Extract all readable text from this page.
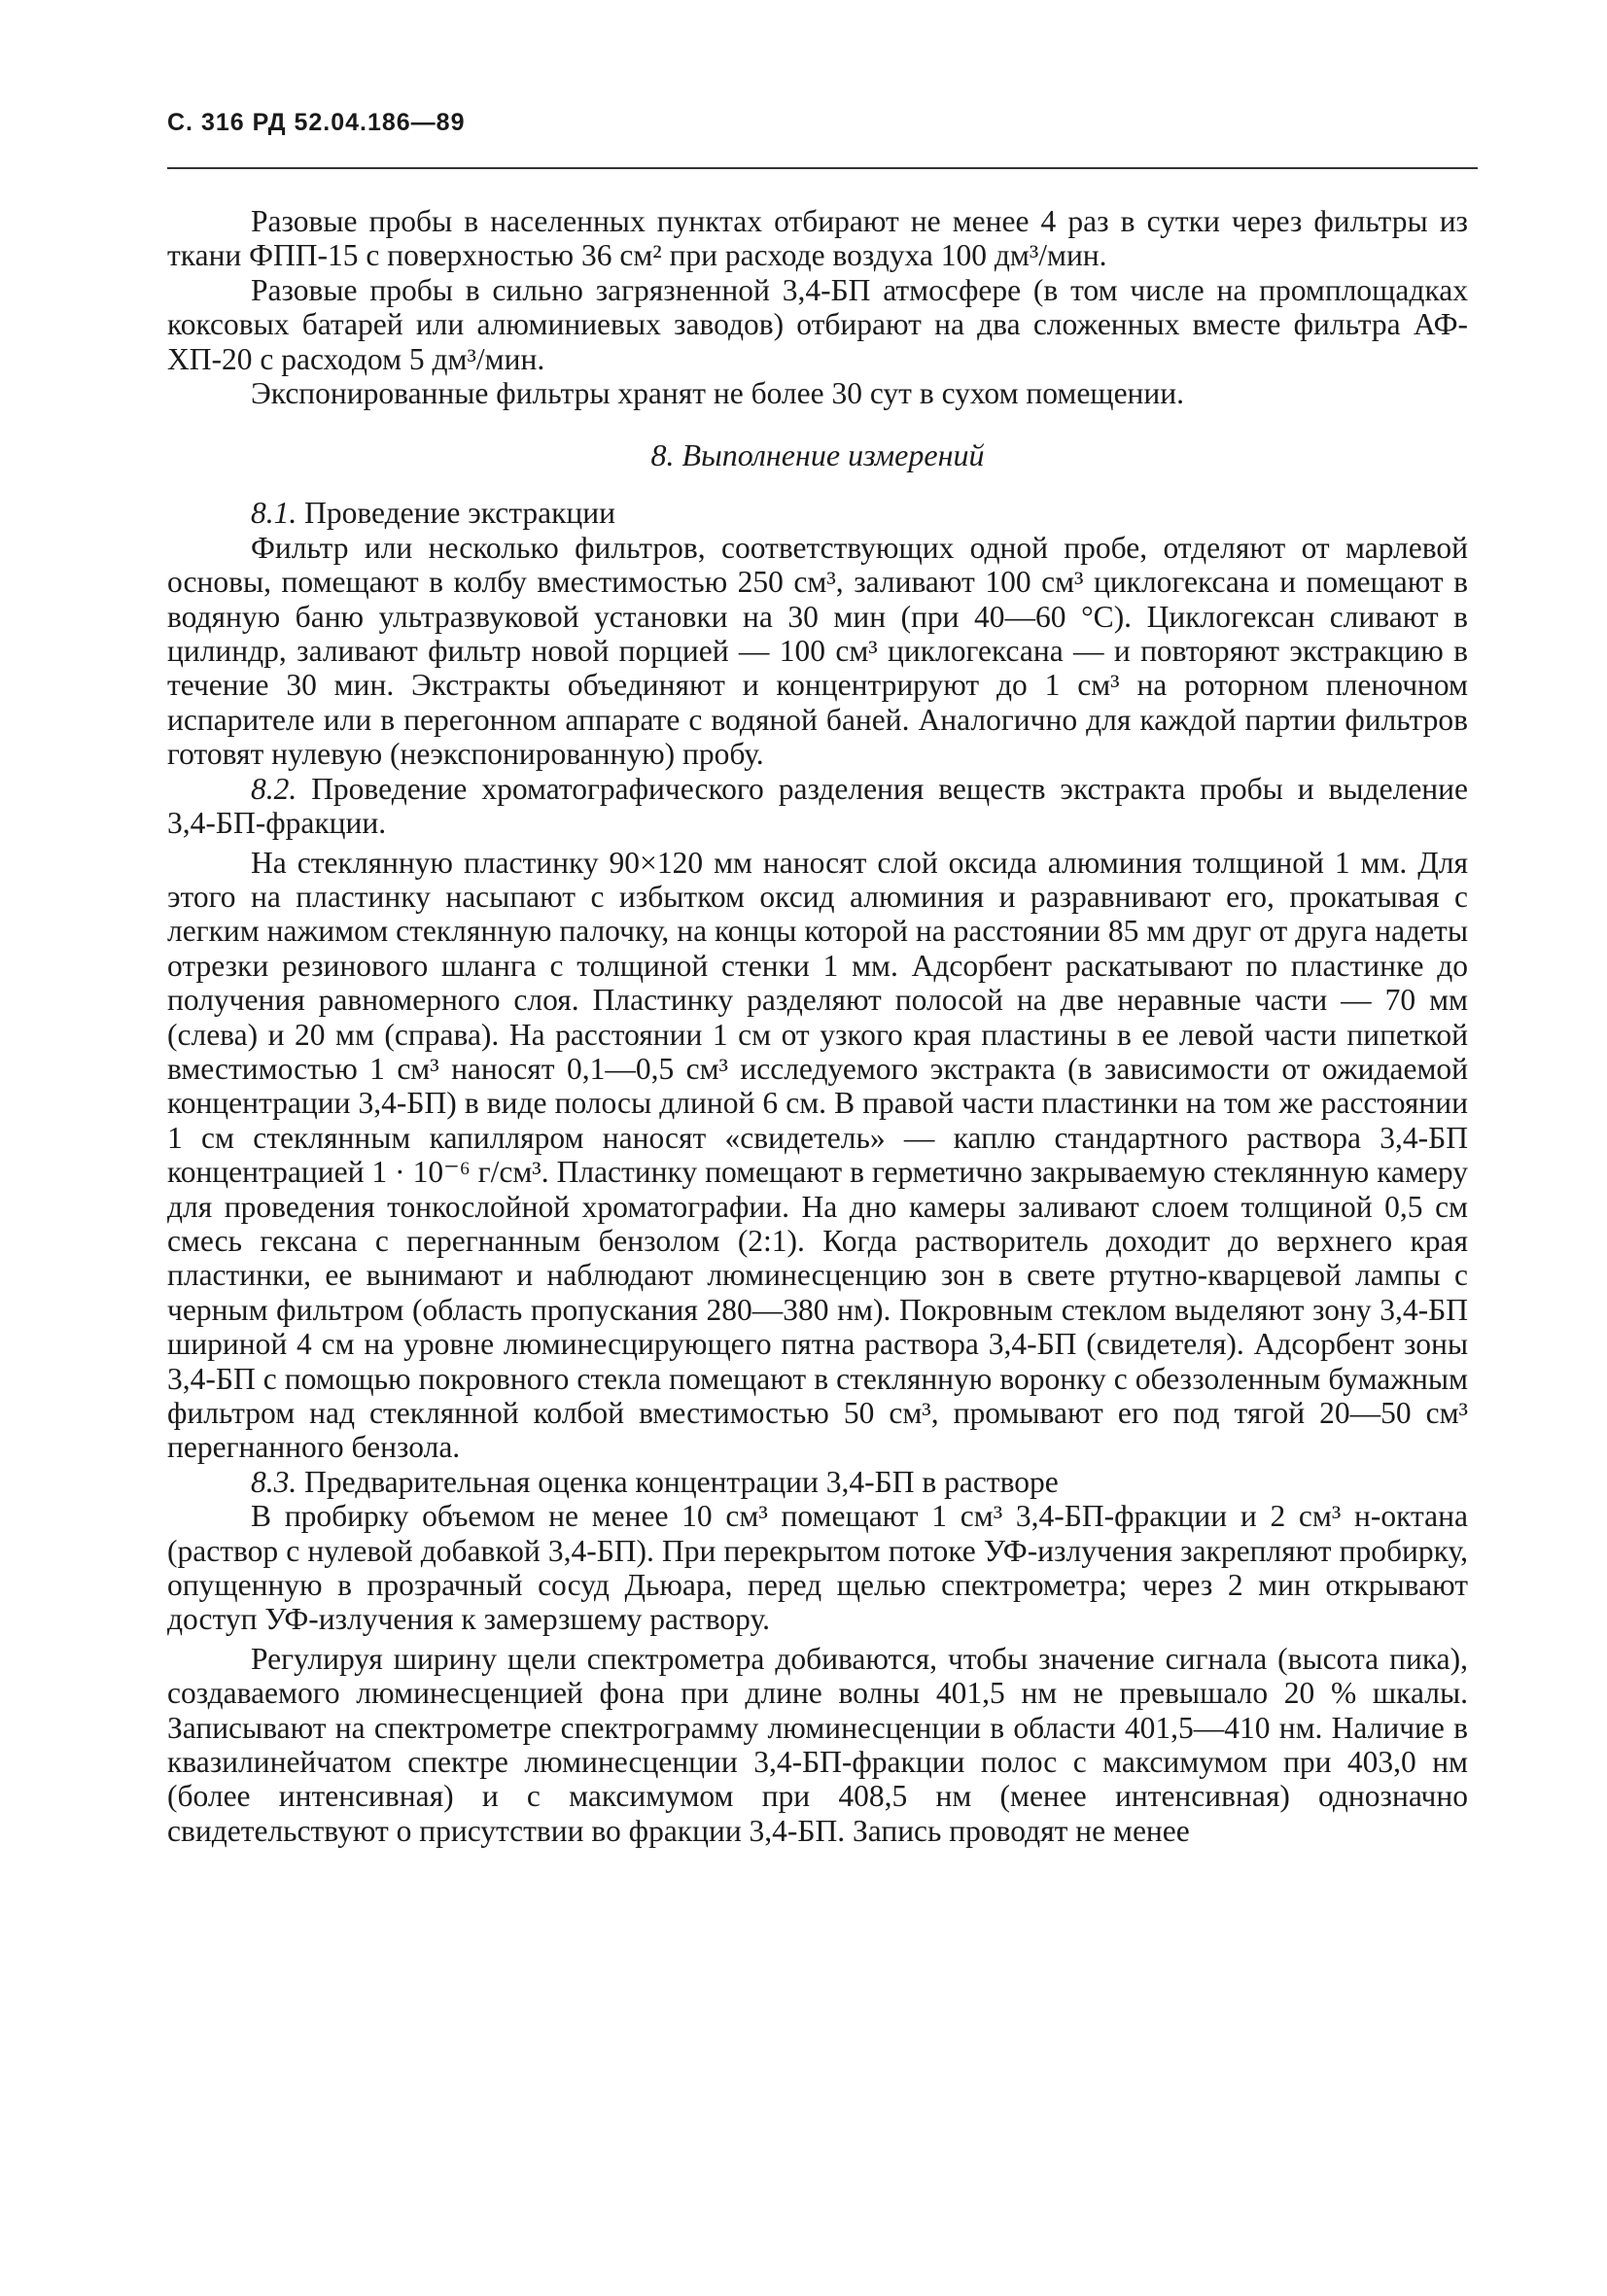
С. 316 РД 52.04.186—89

Разовые пробы в населенных пунктах отбирают не менее 4 раз в сутки через фильтры из ткани ФПП-15 с поверхностью 36 см² при расходе воздуха 100 дм³/мин.

Разовые пробы в сильно загрязненной 3,4-БП атмосфере (в том числе на промплощадках коксовых батарей или алюминиевых заводов) отбирают на два сложенных вместе фильтра АФ-ХП-20 с расходом 5 дм³/мин.

Экспонированные фильтры хранят не более 30 сут в сухом помещении.

8. Выполнение измерений

8.1. Проведение экстракции

Фильтр или несколько фильтров, соответствующих одной пробе, отделяют от марлевой основы, помещают в колбу вместимостью 250 см³, заливают 100 см³ циклогексана и помещают в водяную баню ультразвуковой установки на 30 мин (при 40—60 °С). Циклогексан сливают в цилиндр, заливают фильтр новой порцией — 100 см³ циклогексана — и повторяют экстракцию в течение 30 мин. Экстракты объединяют и концентрируют до 1 см³ на роторном пленочном испарителе или в перегонном аппарате с водяной баней. Аналогично для каждой партии фильтров готовят нулевую (неэкспонированную) пробу.

8.2. Проведение хроматографического разделения веществ экстракта пробы и выделение 3,4-БП-фракции.

На стеклянную пластинку 90×120 мм наносят слой оксида алюминия толщиной 1 мм. Для этого на пластинку насыпают с избытком оксид алюминия и разравнивают его, прокатывая с легким нажимом стеклянную палочку, на концы которой на расстоянии 85 мм друг от друга надеты отрезки резинового шланга с толщиной стенки 1 мм. Адсорбент раскатывают по пластинке до получения равномерного слоя. Пластинку разделяют полосой на две неравные части — 70 мм (слева) и 20 мм (справа). На расстоянии 1 см от узкого края пластины в ее левой части пипеткой вместимостью 1 см³ наносят 0,1—0,5 см³ исследуемого экстракта (в зависимости от ожидаемой концентрации 3,4-БП) в виде полосы длиной 6 см. В правой части пластинки на том же расстоянии 1 см стеклянным капилляром наносят «свидетель» — каплю стандартного раствора 3,4-БП концентрацией 1 · 10⁻⁶ г/см³. Пластинку помещают в герметично закрываемую стеклянную камеру для проведения тонкослойной хроматографии. На дно камеры заливают слоем толщиной 0,5 см смесь гексана с перегнанным бензолом (2:1). Когда растворитель доходит до верхнего края пластинки, ее вынимают и наблюдают люминесценцию зон в свете ртутно-кварцевой лампы с черным фильтром (область пропускания 280—380 нм). Покровным стеклом выделяют зону 3,4-БП шириной 4 см на уровне люминесцирующего пятна раствора 3,4-БП (свидетеля). Адсорбент зоны 3,4-БП с помощью покровного стекла помещают в стеклянную воронку с обеззоленным бумажным фильтром над стеклянной колбой вместимостью 50 см³, промывают его под тягой 20—50 см³ перегнанного бензола.

8.3. Предварительная оценка концентрации 3,4-БП в растворе

В пробирку объемом не менее 10 см³ помещают 1 см³ 3,4-БП-фракции и 2 см³ н-октана (раствор с нулевой добавкой 3,4-БП). При перекрытом потоке УФ-излучения закрепляют пробирку, опущенную в прозрачный сосуд Дьюара, перед щелью спектрометра; через 2 мин открывают доступ УФ-излучения к замерзшему раствору.

Регулируя ширину щели спектрометра добиваются, чтобы значение сигнала (высота пика), создаваемого люминесценцией фона при длине волны 401,5 нм не превышало 20 % шкалы. Записывают на спектрометре спектрограмму люминесценции в области 401,5—410 нм. Наличие в квазилинейчатом спектре люминесценции 3,4-БП-фракции полос с максимумом при 403,0 нм (более интенсивная) и с максимумом при 408,5 нм (менее интенсивная) однозначно свидетельствуют о присутствии во фракции 3,4-БП. Запись проводят не менее
